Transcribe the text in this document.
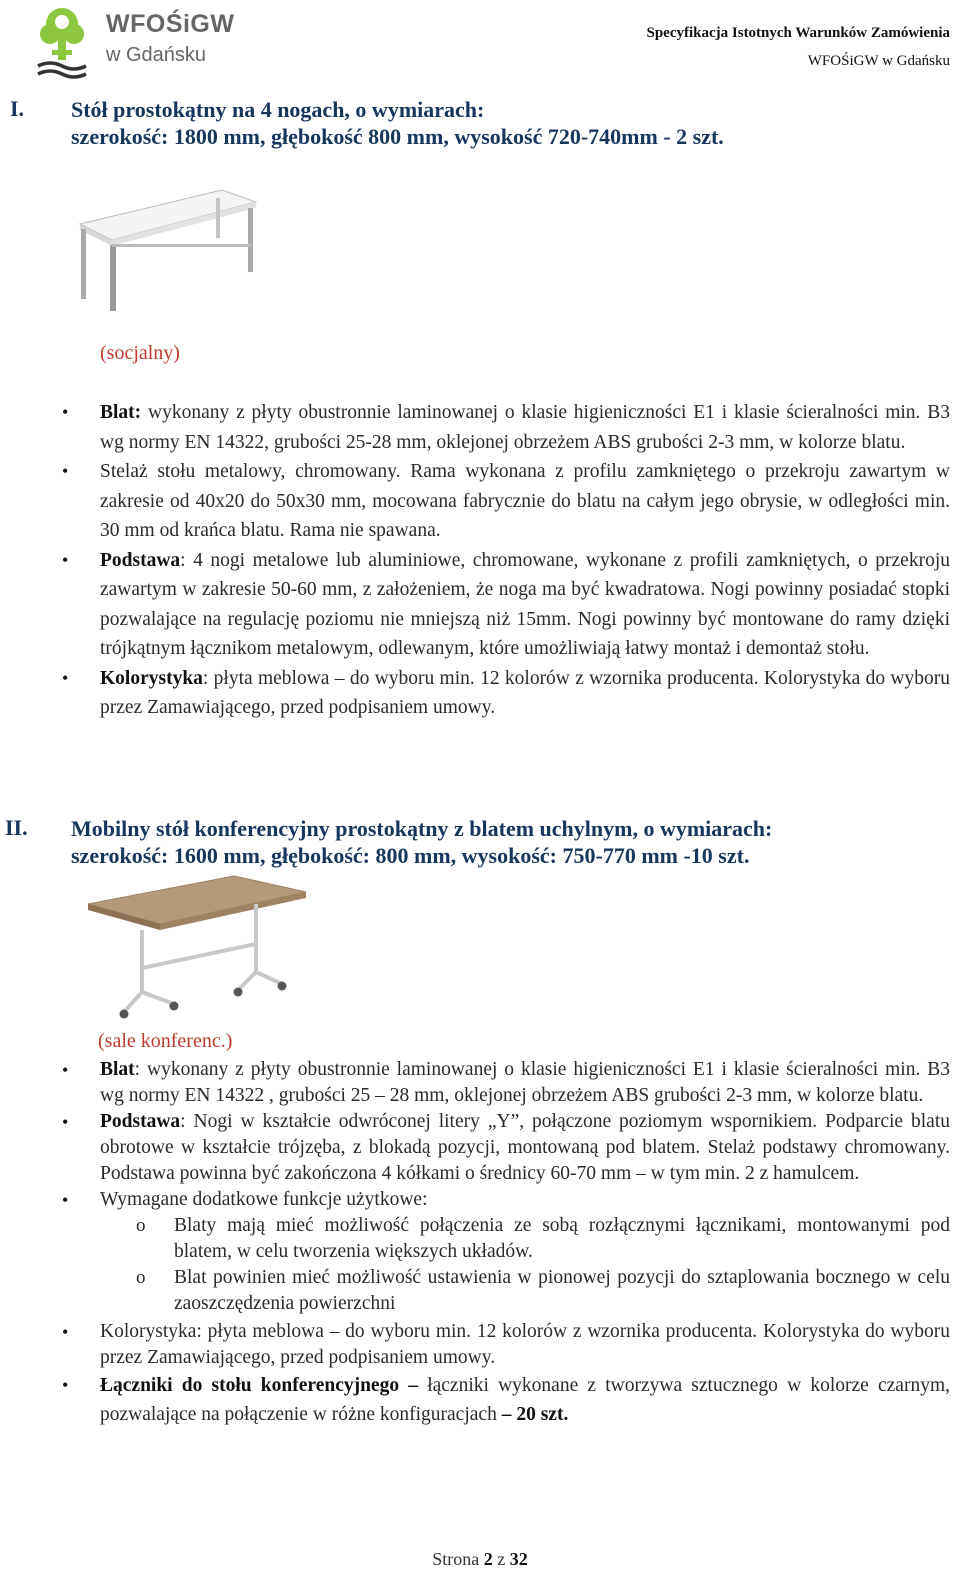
WFOŚiGW
w Gdańsku
Specyfikacja Istotnych Warunków Zamówienia
WFOŚiGW w Gdańsku
I. Stół prostokątny na 4 nogach, o wymiarach:
szerokość: 1800 mm, głębokość 800 mm, wysokość 720-740mm - 2 szt.
(socjalny)
• Blat: wykonany z płyty obustronnie laminowanej o klasie higieniczności E1 i klasie ścieralności min. B3 wg normy EN 14322, grubości 25-28 mm, oklejonej obrzeżem ABS grubości 2-3 mm, w kolorze blatu.
• Stelaż stołu metalowy, chromowany. Rama wykonana z profilu zamkniętego o przekroju zawartym w zakresie od 40x20 do 50x30 mm, mocowana fabrycznie do blatu na całym jego obrysie, w odległości min. 30 mm od krańca blatu. Rama nie spawana.
• Podstawa: 4 nogi metalowe lub aluminiowe, chromowane, wykonane z profili zamkniętych, o przekroju zawartym w zakresie 50-60 mm, z założeniem, że noga ma być kwadratowa. Nogi powinny posiadać stopki pozwalające na regulację poziomu nie mniejszą niż 15mm. Nogi powinny być montowane do ramy dzięki trójkątnym łącznikom metalowym, odlewanym, które umożliwiają łatwy montaż i demontaż stołu.
• Kolorystyka: płyta meblowa – do wyboru min. 12 kolorów z wzornika producenta. Kolorystyka do wyboru przez Zamawiającego, przed podpisaniem umowy.
II. Mobilny stół konferencyjny prostokątny z blatem uchylnym, o wymiarach:
szerokość: 1600 mm, głębokość: 800 mm, wysokość: 750-770 mm -10 szt.
(sale konferenc.)
• Blat: wykonany z płyty obustronnie laminowanej o klasie higieniczności E1 i klasie ścieralności min. B3 wg normy EN 14322 , grubości 25 – 28 mm, oklejonej obrzeżem ABS grubości 2-3 mm, w kolorze blatu.
• Podstawa: Nogi w kształcie odwróconej litery „Y”, połączone poziomym wspornikiem. Podparcie blatu obrotowe w kształcie trójzęba, z blokadą pozycji, montowaną pod blatem. Stelaż podstawy chromowany. Podstawa powinna być zakończona 4 kółkami o średnicy 60-70 mm – w tym min. 2 z hamulcem.
• Wymagane dodatkowe funkcje użytkowe:
o Blaty mają mieć możliwość połączenia ze sobą rozłącznymi łącznikami, montowanymi pod blatem, w celu tworzenia większych układów.
o Blat powinien mieć możliwość ustawienia w pionowej pozycji do sztaplowania bocznego w celu zaoszczędzenia powierzchni
• Kolorystyka: płyta meblowa – do wyboru min. 12 kolorów z wzornika producenta. Kolorystyka do wyboru przez Zamawiającego, przed podpisaniem umowy.
• Łączniki do stołu konferencyjnego – łączniki wykonane z tworzywa sztucznego w kolorze czarnym, pozwalające na połączenie w różne konfiguracjach – 20 szt.
Strona 2 z 32
